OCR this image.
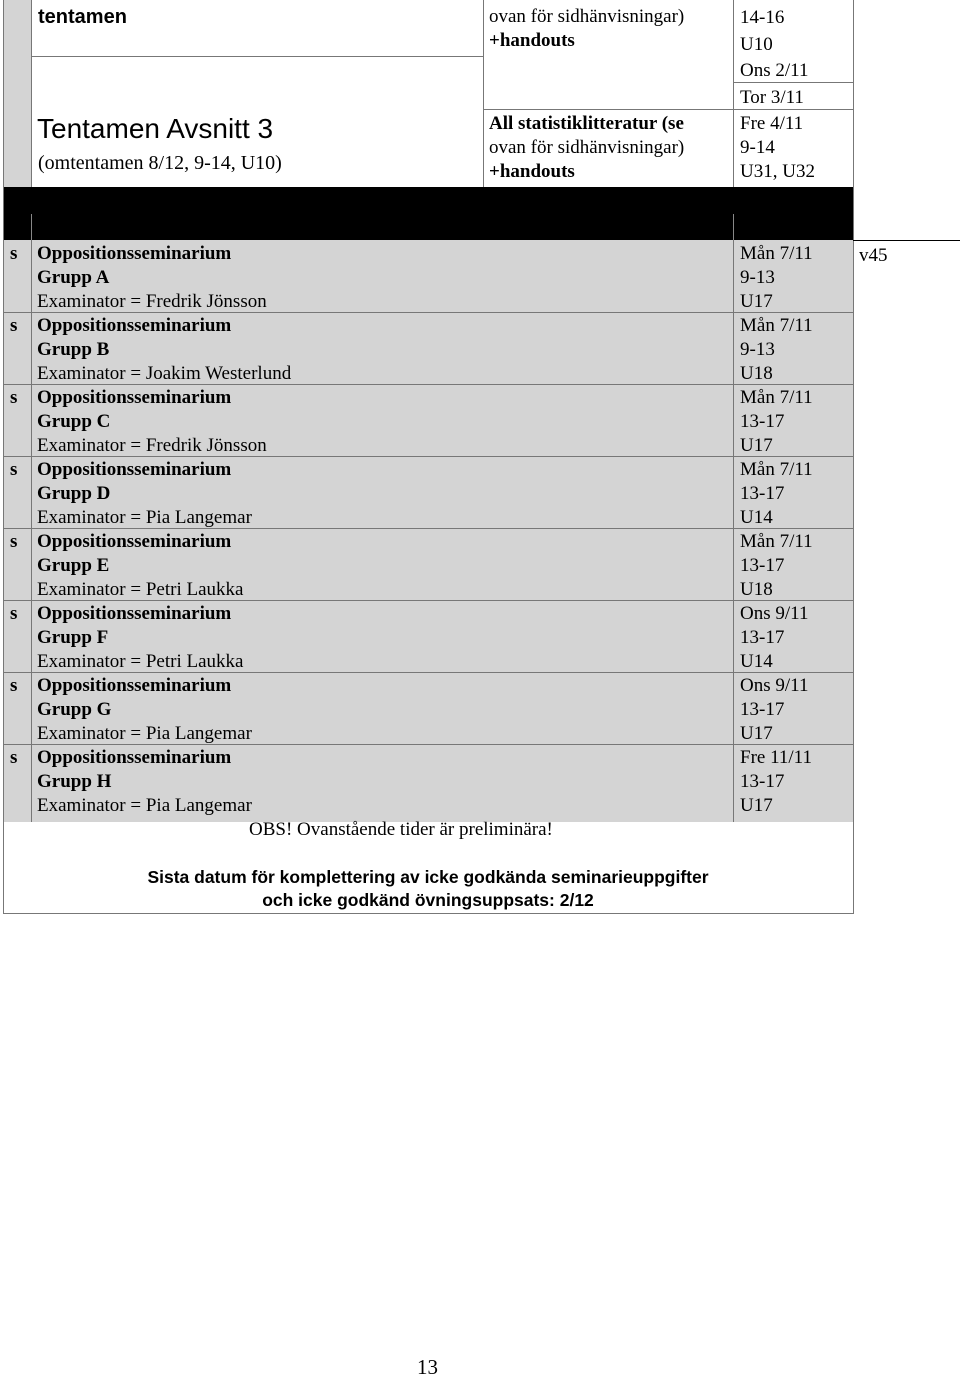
tentamen	ovan för sidhänvisningar)
+handouts
14-16
U10
Ons 2/11
Tor 3/11
Tentamen Avsnitt 3
(omtentamen 8/12, 9-14, U10)
All statistiklitteratur (se
ovan för sidhänvisningar)
+handouts
Fre 4/11
9-14
U31, U32
v45
s Oppositionsseminarium
Grupp A
Examinator = Fredrik Jönsson
Mån 7/11
9-13
U17
s Oppositionsseminarium
Grupp B
Examinator = Joakim Westerlund
Mån 7/11
9-13
U18
s Oppositionsseminarium
Grupp C
Examinator = Fredrik Jönsson
Mån 7/11
13-17
U17
s Oppositionsseminarium
Grupp D
Examinator = Pia Langemar
Mån 7/11
13-17
U14
s Oppositionsseminarium
Grupp E
Examinator = Petri Laukka
Mån 7/11
13-17
U18
s Oppositionsseminarium
Grupp F
Examinator = Petri Laukka
Ons 9/11
13-17
U14
s Oppositionsseminarium
Grupp G
Examinator = Pia Langemar
Ons 9/11
13-17
U17
s Oppositionsseminarium
Grupp H
Examinator = Pia Langemar
Fre 11/11
13-17
U17
OBS! Ovanstående tider är preliminära!
Sista datum för komplettering av icke godkända seminarieuppgifter
och icke godkänd övningsuppsats: 2/12
13
